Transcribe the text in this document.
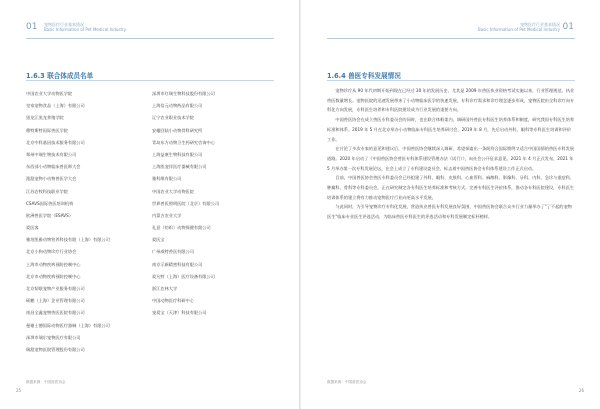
01 宠物医疗行业基本情况
Basic Information of Pet Medical Industry
1.6.3 联合体成员名单
中国农业大学动物医学院
皇家宠物食品（上海）有限公司
黑龙江黑龙养殖学院
穆特斯特国际兽医学院
北京中科基因技术服务有限公司
郑州中瑞生物技术有限公司
东西部小动物临床兽医师大会
派派宠物小动物兽医学大会
江苏农牧科技职业学院
CSAVS国际兽医培训机构
欧洲兽医学院（ESAVS）
爱医客
雅培凯雅动物营养科技有限（上海）有限公司
北京小狗动物诊疗行业协会
上海市动物疾病预防控制中心
北京市动物疾病预防控制中心
北京韧联宠物产业服务有限公司
硕鹏（上海）企业管理有限公司
南昌全鑫宠物兽医医院有限公司
曼谢士德国际动物医疗器械（上海）有限公司
深圳市瑞尔宠物医疗有限公司
瑞派宠物医院管理股份有限公司
深圳市红瑞生物科技股份有限公司
上海信元动物药品有限公司
辽宁农业职业技术学院
安徽回陆小动物骨科研究所
青岛东方动物卫生药研究咨询中心
上海益康生物科技有限公司
上海凯宠伴医疗器械有限公司
雅科维有限公司
中国农业大学动物医院
世界兽医照明医院（北京）有限公司
内蒙古农业大学
礼意（纺织）动物保健有限公司
爱医宝
广州威特兽医有限公司
南京示新精密科技有限公司
爱凡特（上海）医疗设备有限公司
浙江农林大学
中国动物医疗科研中心
宠爱宝（天津）科技有限公司
数据来源：中国兽医协会
25
宠物医疗行业基本情况
Basic Information of Pet Medical Industry 01
1.6.4 兽医专科发展情况

宠物诊疗从 90 年代初期开始到现在已经过 30 年的发展历史，尤其是 2009 年兽医执业资格考试实施以来，行业管理规范、执业兽医数量增长。宠物医院的迅速发展带来了小动物临床医学的快速发展，专科诊疗需求和诊疗理念逐步形成，宠物医院由全科诊疗向专科化方向发展，专科医生培养和专科医院建设成为行业发展的重要方向。

中国兽医协会在成立兽医专科委员会的同时，也在联合体框架内，调研国外兽医专科医生培养体系和制度，研究我国专科医生培养标准和体系。2019 年 5 月在北京举办小动物临床专科医生培养研讨会，2019 年 8 月，先后启动外科、眼科等专科医生培训和评价工作。

在讨论了多次专家的意见和建议后，中国兽医协会继续深入调研，希望探索出一条既符合国际惯例又适合中国国情的兽医专科发展道路。2020 年启动了《中国兽医协会兽医专科体系建设管理办法（试行）》，向社会公开征求意见。2021 年 4 月正式发布，2021 年 5 月举办第一次专科发展论坛，在会上成立了专科建设委员会，标志着中国兽医协会专科体系建设工作正式启动。

目前，中国兽医协会兽医专科委员会已经组建了外科、眼科、皮肤科、心血管科、麻醉科、影像科、牙科、内科、急诊与重症科、肿瘤科、骨科等专科委员会，正在研究制定各专科医生培养标准和考核方式，完善专科医生评价体系，推动各专科医院建设，专科医生培训体系的建立将有力推动宠物医疗行业向更高水平发展。

与此同时，为引导宠物诊疗专科化发展，营造执业兽医专科发展良好氛围，中国兽医协会联合众多行业力量举办了"了不起的宠物医生"临床专业医生评选活动，为临床兽医专科医生的评选活动和专科发展制定标杆榜样。

数据来源：中国兽医协会
26
